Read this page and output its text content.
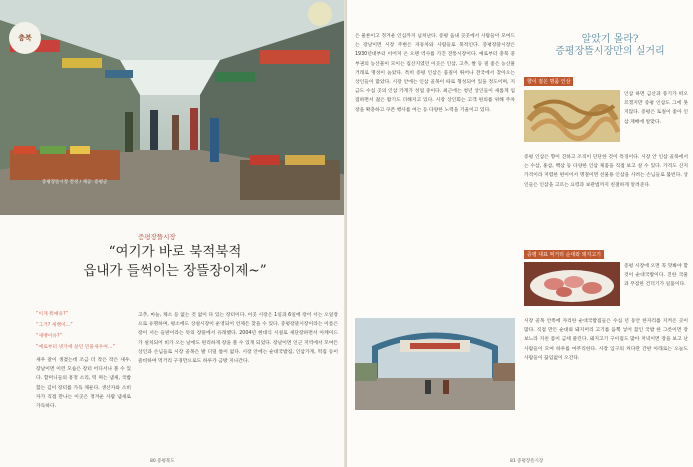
충북
증평장뜰시장 전경 / 제공: 증평군
증평장뜰시장
“여기가 바로 북적북적
읍내가 들썩이는 장뜰장이제~”
“이게 뭐예유?”
“그거? 새뱅이...”
“새뱅이유?”
“예로부터 냇가에 살던 민물새우여...”
새우 같이 생겼는데 조금 더 작은 작은 새우. 장날이면 이런 모습은 장터 어디서나 볼 수 있다. 할머니들의 흥정 소리, 떡 찌는 냄새, 국밥 끓는 김이 장터를 가득 채운다. 생산자와 소비자가 직접 만나는 이곳은 정겨운 사람 냄새로 가득하다.
고추, 마늘, 채소 등 없는 것 없이 다 있는 장터이다. 이곳 시장은 1일과 6일에 장이 서는 오일장으로 유명하며, 평소에도 상설시장이 운영되어 언제든 찾을 수 있다. 증평장뜰시장이라는 이름은 장이 서는 들판이라는 뜻의 장뜰에서 유래했다. 2004년 현대식 시설로 새단장하면서 아케이드가 설치되어 비가 오는 날에도 편리하게 장을 볼 수 있게 되었다. 장날이면 인근 지역에서 모여든 상인과 손님들로 시장 골목은 발 디딜 틈이 없다. 시장 안에는 순대국밥집, 인삼가게, 떡집 등이 즐비하여 먹거리 구경만으로도 하루가 금방 지나간다.
80 증평북도
은 물론이고 정겨운 인심까지 넘쳐난다. 증평 읍내 곳곳에서 사람들이 모여드는 장날이면 시장 주변은 자동차와 사람들로 북적인다. 증평장뜰시장은 1930년대부터 이어져 온 오랜 역사를 가진 전통시장이다. 예로부터 충북 중부권의 농산물이 모이는 집산지였던 이곳은 인삼, 고추, 쌀 등 질 좋은 농산물 거래로 명성이 높았다. 특히 증평 인삼은 품질이 뛰어나 전국에서 찾아오는 상인들이 많았다. 시장 안에는 인삼 골목이 따로 형성되어 있을 정도이며, 지금도 수십 곳의 인삼 가게가 성업 중이다. 최근에는 청년 상인들이 새롭게 입점하면서 젊은 활기도 더해지고 있다. 시장 상인회는 고객 편의를 위해 주차장을 확충하고 쿠폰 행사를 여는 등 다양한 노력을 기울이고 있다.
알았기 몰라?
증평장뜰시장만의 실거리
향이 짙은 명품 인삼
인삼 하면 금산과 풍기가 떠오르겠지만 증평 인삼도 그에 못지않다. 증평은 토질이 좋아 인삼 재배에 알맞다.
증평 인삼은 향이 진하고 조직이 단단한 것이 특징이다. 시장 안 인삼 골목에서는 수삼, 홍삼, 백삼 등 다양한 인삼 제품을 직접 보고 살 수 있다. 가격도 산지 가격이라 저렴한 편이어서 명절이면 선물용 인삼을 사려는 손님들로 붐빈다. 상인들은 인삼을 고르는 요령과 보관법까지 친절하게 알려준다.
증평 대표 먹거리 순대와 돼지고기
증평 시장에 오면 꼭 맛봐야 할 것이 순대국밥이다. 진한 국물과 푸짐한 건더기가 일품이다.
시장 골목 안쪽에 자리한 순대국밥집들은 수십 년 동안 한자리를 지켜온 곳이 많다. 직접 만든 순대와 돼지머리 고기를 듬뿍 넣어 끓인 국밥 한 그릇이면 장 보느라 지친 몸이 금세 풀린다. 돼지고기 구이집도 많아 저녁이면 장을 보고 난 사람들이 모여 하루를 마무리한다. 시장 입구의 커다란 간판 아래로는 오늘도 사람들이 끊임없이 오간다.
81 증평장뜰시장
